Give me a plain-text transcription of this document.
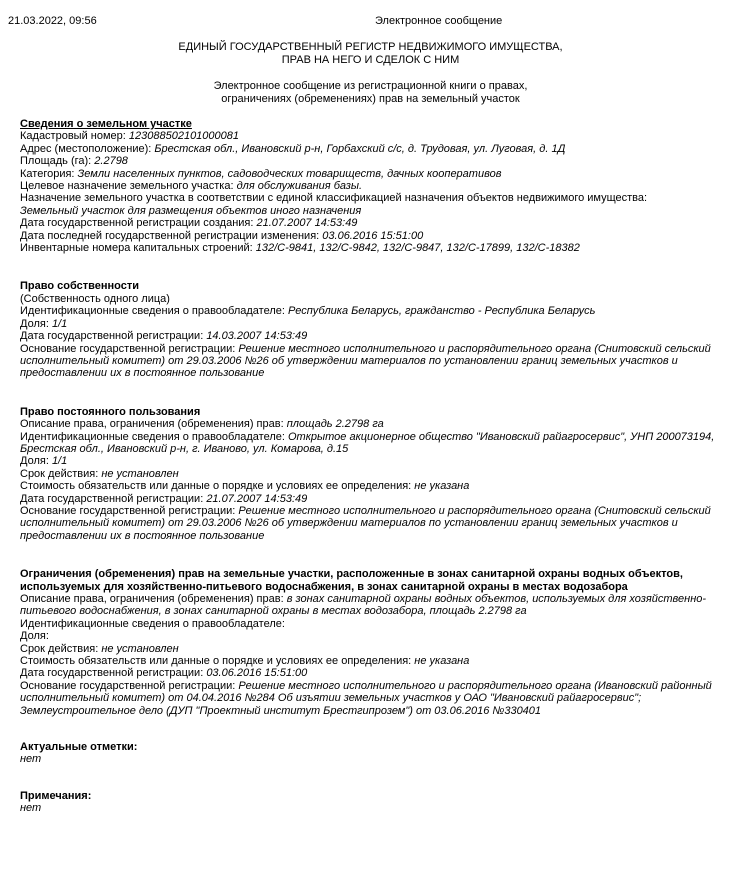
21.03.2022, 09:56	Электронное сообщение
ЕДИНЫЙ ГОСУДАРСТВЕННЫЙ РЕГИСТР НЕДВИЖИМОГО ИМУЩЕСТВА,
ПРАВ НА НЕГО И СДЕЛОК С НИМ
Электронное сообщение из регистрационной книги о правах,
ограничениях (обременениях) прав на земельный участок
Сведения о земельном участке
Кадастровый номер: 123088502101000081
Адрес (местоположение): Брестская обл., Ивановский р-н, Горбахский с/с, д. Трудовая, ул. Луговая, д. 1Д
Площадь (га): 2.2798
Категория: Земли населенных пунктов, садоводческих товариществ, дачных кооперативов
Целевое назначение земельного участка: для обслуживания базы.
Назначение земельного участка в соответствии с единой классификацией назначения объектов недвижимого имущества:
Земельный участок для размещения объектов иного назначения
Дата государственной регистрации создания: 21.07.2007 14:53:49
Дата последней государственной регистрации изменения: 03.06.2016 15:51:00
Инвентарные номера капитальных строений: 132/С-9841, 132/С-9842, 132/С-9847, 132/С-17899, 132/С-18382
Право собственности
(Собственность одного лица)
Идентификационные сведения о правообладателе: Республика Беларусь, гражданство - Республика Беларусь
Доля: 1/1
Дата государственной регистрации: 14.03.2007 14:53:49
Основание государственной регистрации: Решение местного исполнительного и распорядительного органа (Снитовский сельский исполнительный комитет) от 29.03.2006 №26 об утверждении материалов по установлении границ земельных участков и предоставлении их в постоянное пользование
Право постоянного пользования
Описание права, ограничения (обременения) прав: площадь 2.2798 га
Идентификационные сведения о правообладателе: Открытое акционерное общество "Ивановский райагросервис", УНП 200073194, Брестская обл., Ивановский р-н, г. Иваново, ул. Комарова, д.15
Доля: 1/1
Срок действия: не установлен
Стоимость обязательств или данные о порядке и условиях ее определения: не указана
Дата государственной регистрации: 21.07.2007 14:53:49
Основание государственной регистрации: Решение местного исполнительного и распорядительного органа (Снитовский сельский исполнительный комитет) от 29.03.2006 №26 об утверждении материалов по установлении границ земельных участков и предоставлении их в постоянное пользование
Ограничения (обременения) прав на земельные участки, расположенные в зонах санитарной охраны водных объектов, используемых для хозяйственно-питьевого водоснабжения, в зонах санитарной охраны в местах водозабора
Описание права, ограничения (обременения) прав: в зонах санитарной охраны водных объектов, используемых для хозяйственно-питьевого водоснабжения, в зонах санитарной охраны в местах водозабора, площадь 2.2798 га
Идентификационные сведения о правообладателе:
Доля:
Срок действия: не установлен
Стоимость обязательств или данные о порядке и условиях ее определения: не указана
Дата государственной регистрации: 03.06.2016 15:51:00
Основание государственной регистрации: Решение местного исполнительного и распорядительного органа (Ивановский районный исполнительный комитет) от 04.04.2016 №284 Об изъятии земельных участков у ОАО "Ивановский райагросервис"; Землеустроительное дело (ДУП "Проектный институт Брестгипрозем") от 03.06.2016 №330401
Актуальные отметки:
нет
Примечания:
нет
